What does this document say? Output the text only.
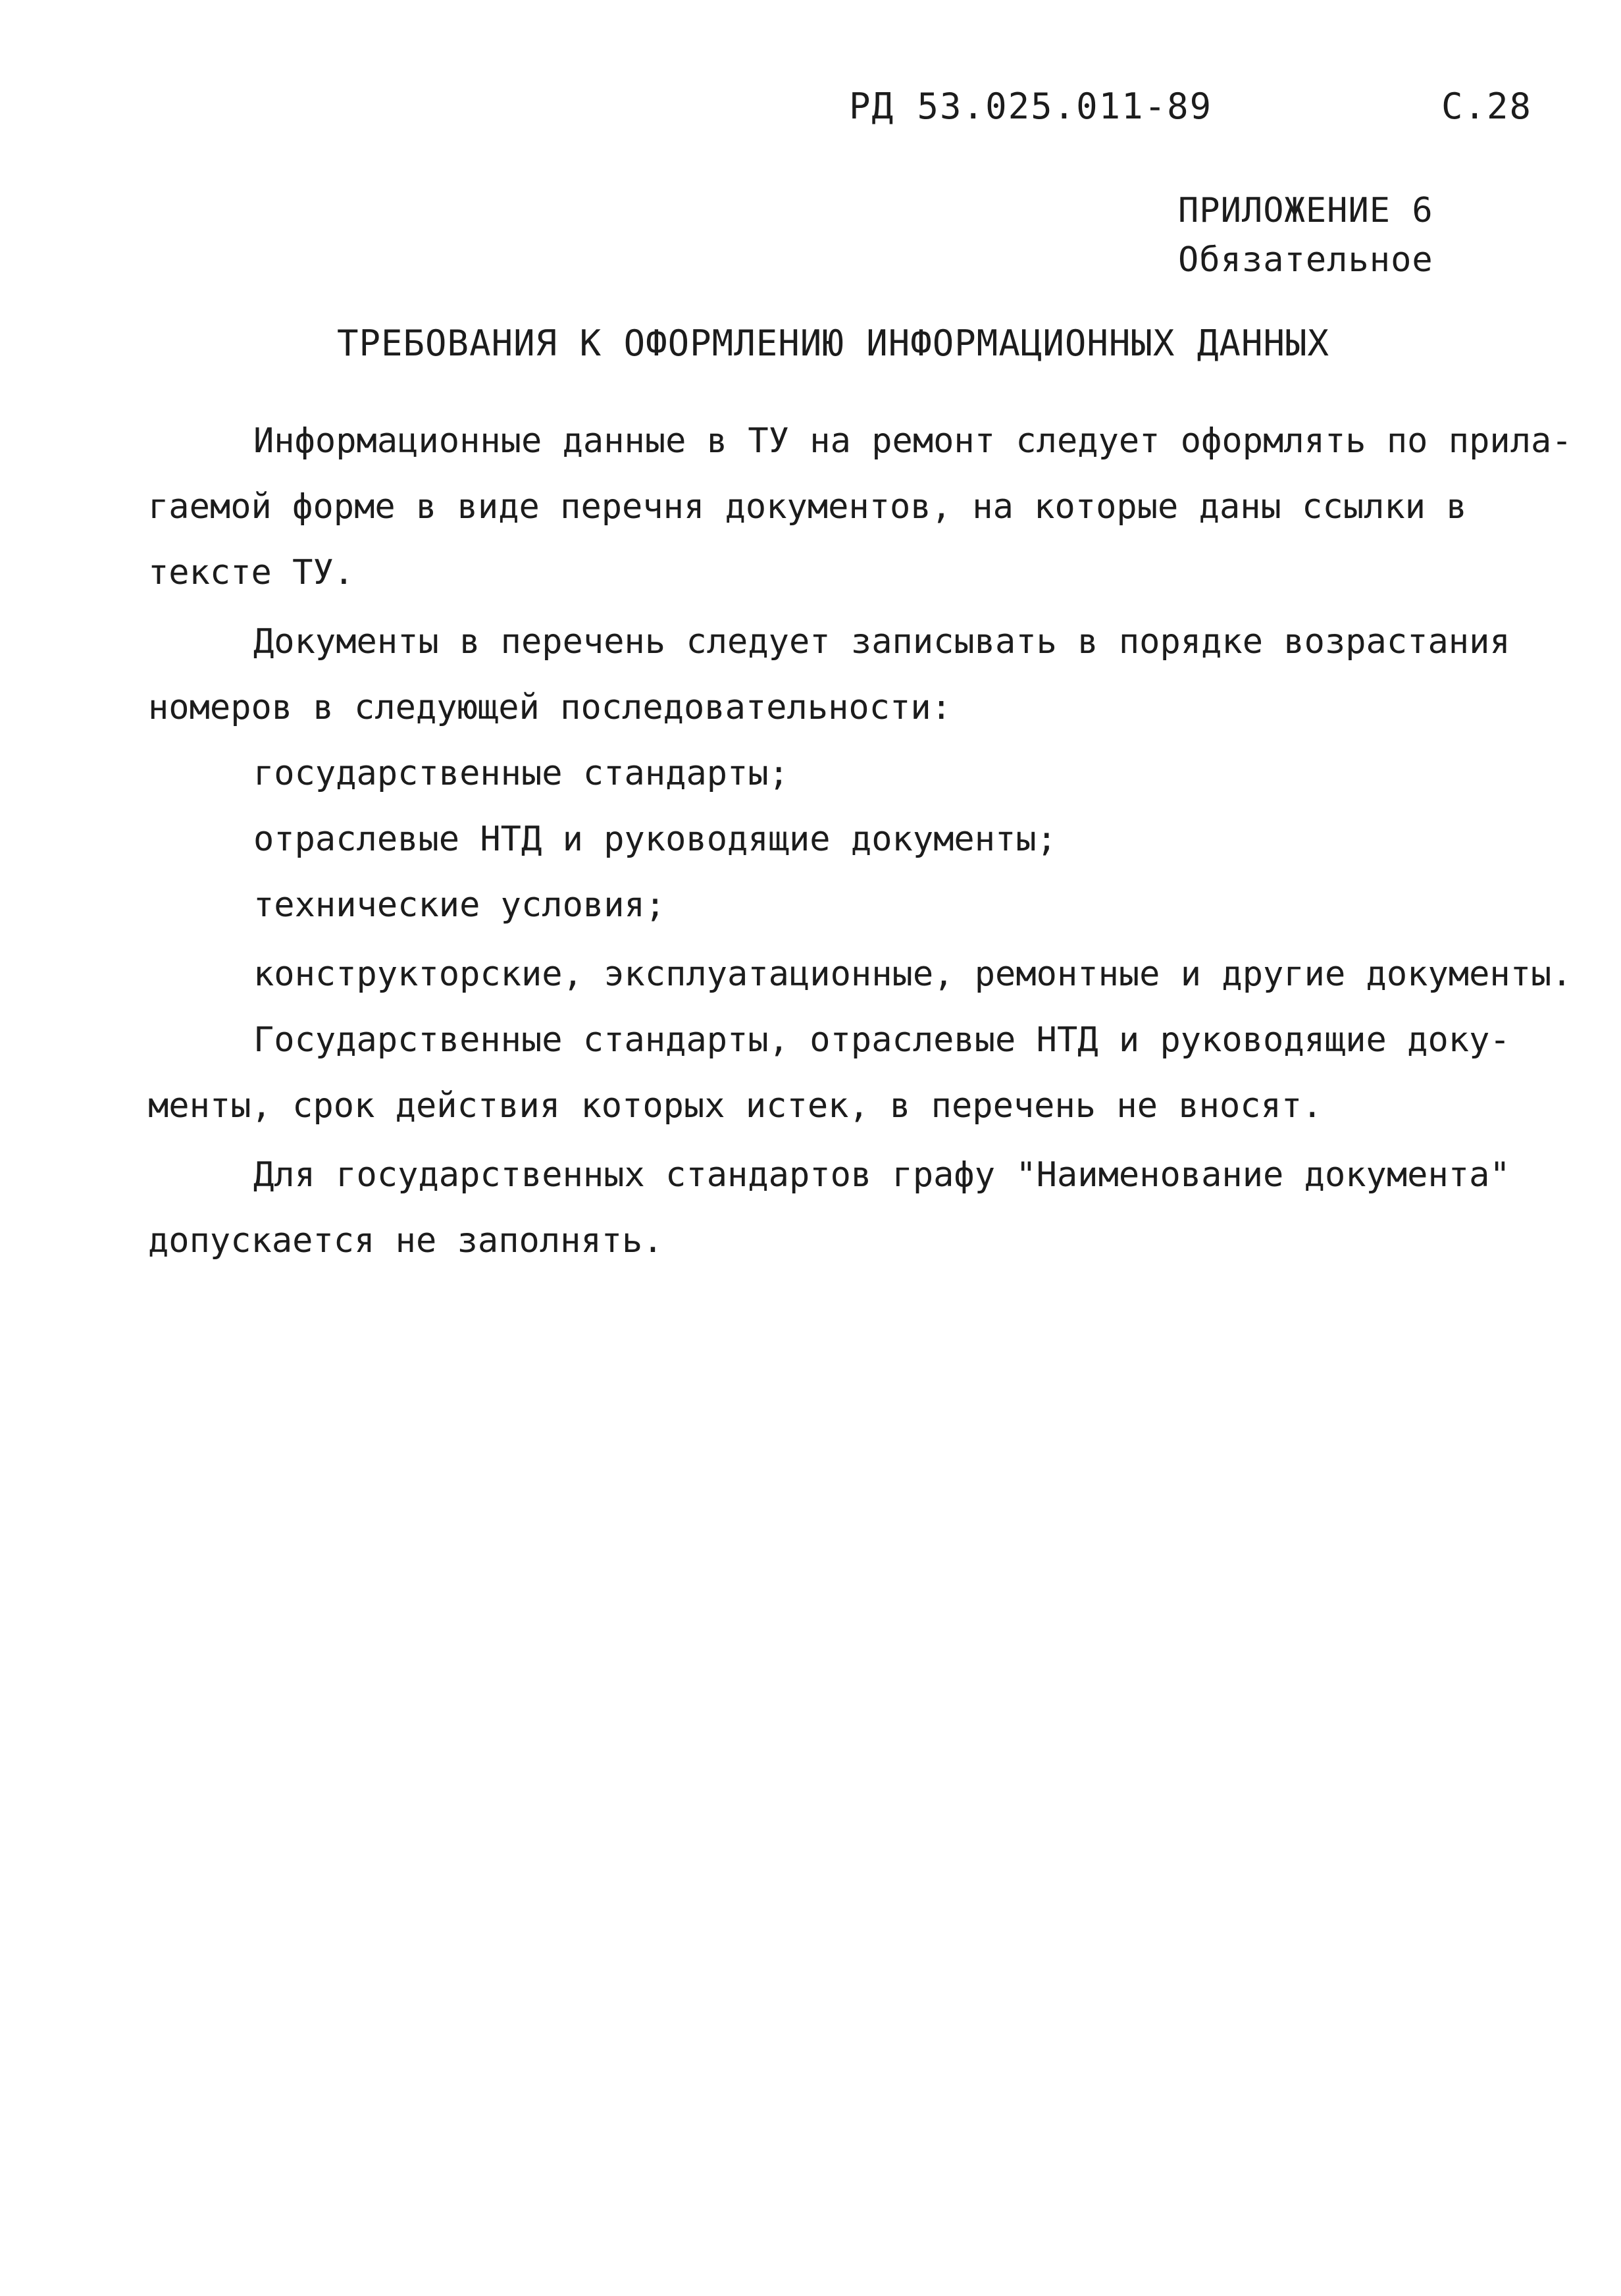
РД 53.025.011-89	С.28
ПРИЛОЖЕНИЕ 6
Обязательное
ТРЕБОВАНИЯ К ОФОРМЛЕНИЮ ИНФОРМАЦИОННЫХ ДАННЫХ
Информационные данные в ТУ на ремонт следует оформлять по прила-
гаемой форме в виде перечня документов, на которые даны ссылки в
тексте ТУ.
Документы в перечень следует записывать в порядке возрастания
номеров в следующей последовательности:
государственные стандарты;
отраслевые НТД и руководящие документы;
технические условия;
конструкторские, эксплуатационные, ремонтные и другие документы.
Государственные стандарты, отраслевые НТД и руководящие доку-
менты, срок действия которых истек, в перечень не вносят.
Для государственных стандартов графу "Наименование документа"
допускается не заполнять.
